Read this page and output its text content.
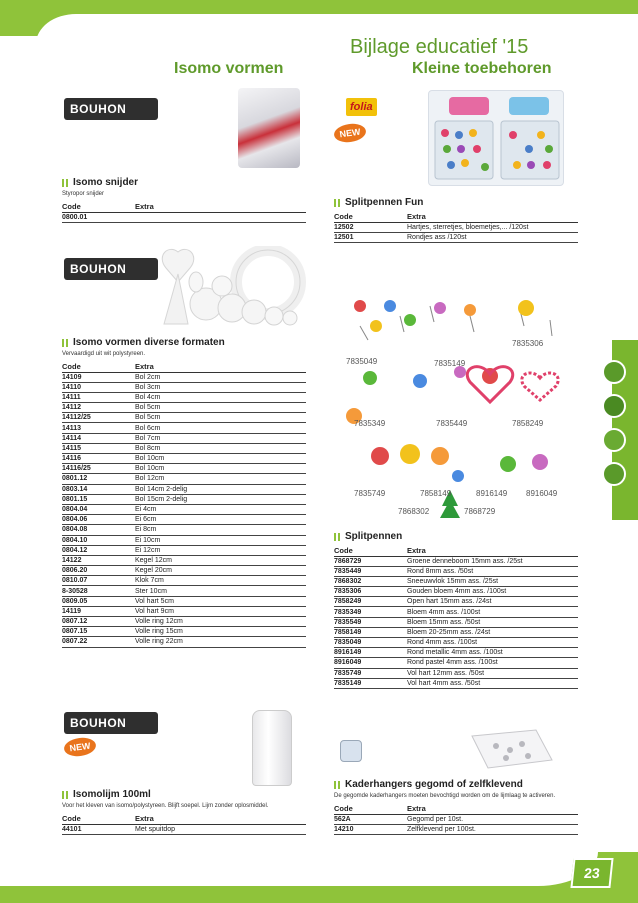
23
Bijlage educatief '15
Isomo vormen	Kleine toebehoren
BOUHON
Isomo snijder
Styropor snijder
Code	Extra
0800.01	
BOUHON
Isomo vormen diverse formaten
Vervaardigd uit wit polystyreen.
Code	Extra
14109	Bol 2cm
14110	Bol 3cm
14111	Bol 4cm
14112	Bol 5cm
14112/25	Bol 5cm
14113	Bol 6cm
14114	Bol 7cm
14115	Bol 8cm
14116	Bol 10cm
14116/25	Bol 10cm
0801.12	Bol 12cm
0803.14	Bol 14cm 2-delig
0801.15	Bol 15cm 2-delig
0804.04	Ei 4cm
0804.06	Ei 6cm
0804.08	Ei 8cm
0804.10	Ei 10cm
0804.12	Ei 12cm
14122	Kegel 12cm
0806.20	Kegel 20cm
0810.07	Klok 7cm
8-30528	Ster 10cm
0809.05	Vol hart 5cm
14119	Vol hart 9cm
0807.12	Volle ring 12cm
0807.15	Volle ring 15cm
0807.22	Volle ring 22cm
BOUHON
NEW
Isomolijm 100ml
Voor het kleven van isomo/polystyreen. Blijft soepel. Lijm zonder oplosmiddel.
Code	Extra
44101	Met spuitdop
folia
NEW
Splitpennen Fun
Code	Extra
12502	Hartjes, sterretjes, bloemetjes,... /120st
12501	Rondjes ass /120st
7835049	7835149
7835306
7835349	7835449	7858249
7835749	7858149	8916149 8916049
7868302	7868729
Splitpennen
Code	Extra
7868729	Groene denneboom 15mm ass. /25st
7835449	Rond 8mm ass. /50st
7868302	Sneeuwvlok 15mm ass. /25st
7835306	Gouden bloem 4mm ass. /100st
7858249	Open hart 15mm ass. /24st
7835349	Bloem 4mm ass. /100st
7835549	Bloem 15mm ass. /50st
7858149	Bloem 20-25mm ass. /24st
7835049	Rond 4mm ass. /100st
8916149	Rond metallic 4mm ass. /100st
8916049	Rond pastel 4mm ass. /100st
7835749	Vol hart 12mm ass. /50st
7835149	Vol hart 4mm ass. /50st
Kaderhangers gegomd of zelfklevend
De gegomde kaderhangers moeten bevochtigd worden om de lijmlaag te activeren.
Code	Extra
562A	Gegomd per 10st.
14210	Zelfklevend per 100st.
